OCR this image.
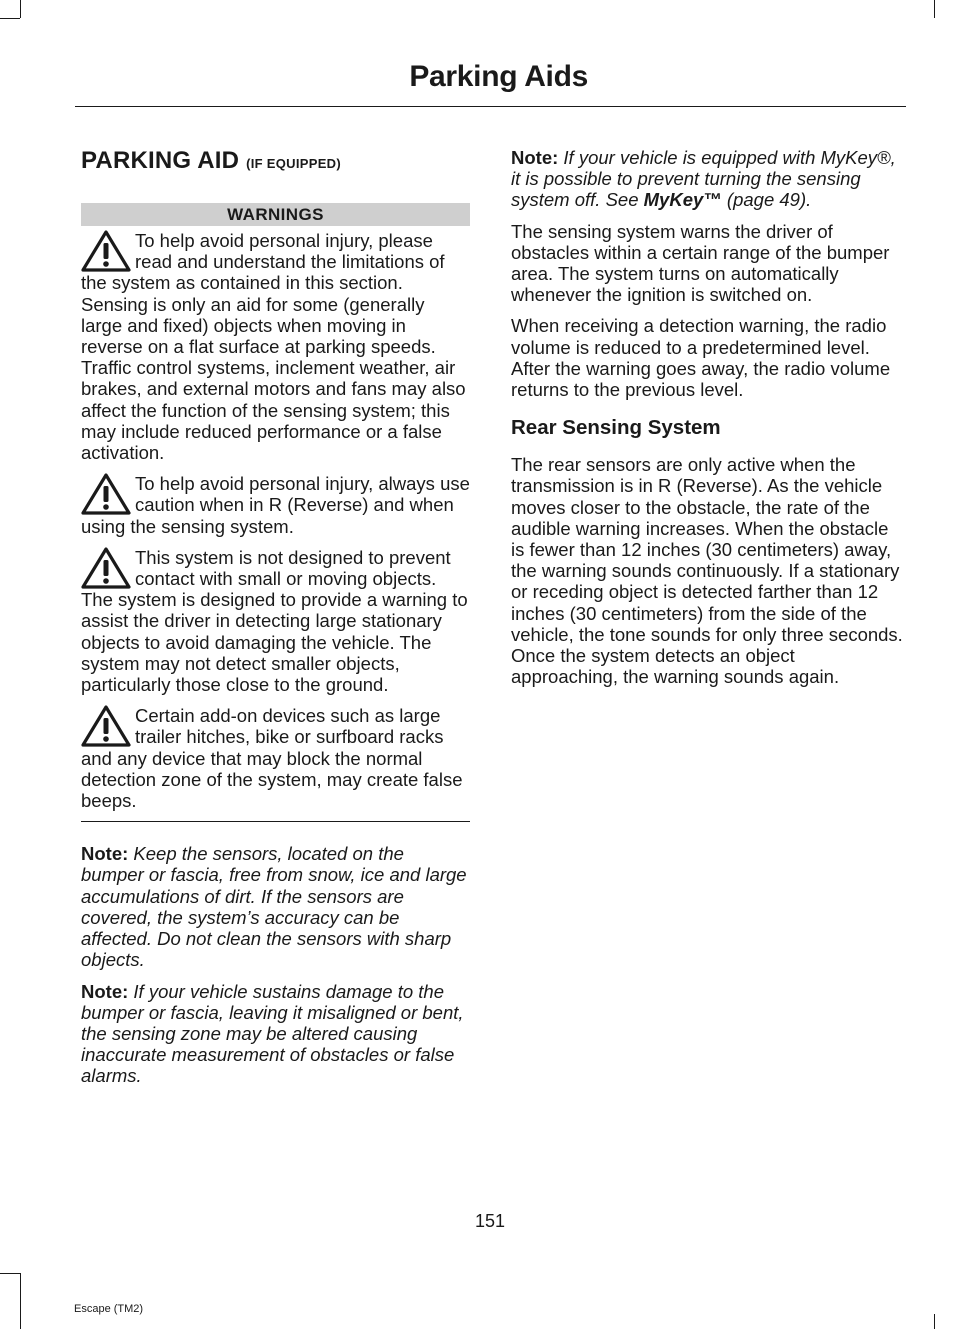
Parking Aids
PARKING AID (IF EQUIPPED)
WARNINGS
To help avoid personal injury, please read and understand the limitations of the system as contained in this section. Sensing is only an aid for some (generally large and fixed) objects when moving in reverse on a flat surface at parking speeds. Traffic control systems, inclement weather, air brakes, and external motors and fans may also affect the function of the sensing system; this may include reduced performance or a false activation.
To help avoid personal injury, always use caution when in R (Reverse) and when using the sensing system.
This system is not designed to prevent contact with small or moving objects. The system is designed to provide a warning to assist the driver in detecting large stationary objects to avoid damaging the vehicle. The system may not detect smaller objects, particularly those close to the ground.
Certain add-on devices such as large trailer hitches, bike or surfboard racks and any device that may block the normal detection zone of the system, may create false beeps.

Note: Keep the sensors, located on the bumper or fascia, free from snow, ice and large accumulations of dirt. If the sensors are covered, the system’s accuracy can be affected. Do not clean the sensors with sharp objects.

Note: If your vehicle sustains damage to the bumper or fascia, leaving it misaligned or bent, the sensing zone may be altered causing inaccurate measurement of obstacles or false alarms.

Note: If your vehicle is equipped with MyKey®, it is possible to prevent turning the sensing system off. See MyKey™ (page 49).

The sensing system warns the driver of obstacles within a certain range of the bumper area. The system turns on automatically whenever the ignition is switched on.

When receiving a detection warning, the radio volume is reduced to a predetermined level. After the warning goes away, the radio volume returns to the previous level.

Rear Sensing System

The rear sensors are only active when the transmission is in R (Reverse). As the vehicle moves closer to the obstacle, the rate of the audible warning increases. When the obstacle is fewer than 12 inches (30 centimeters) away, the warning sounds continuously. If a stationary or receding object is detected farther than 12 inches (30 centimeters) from the side of the vehicle, the tone sounds for only three seconds. Once the system detects an object approaching, the warning sounds again.

151
Escape (TM2)
